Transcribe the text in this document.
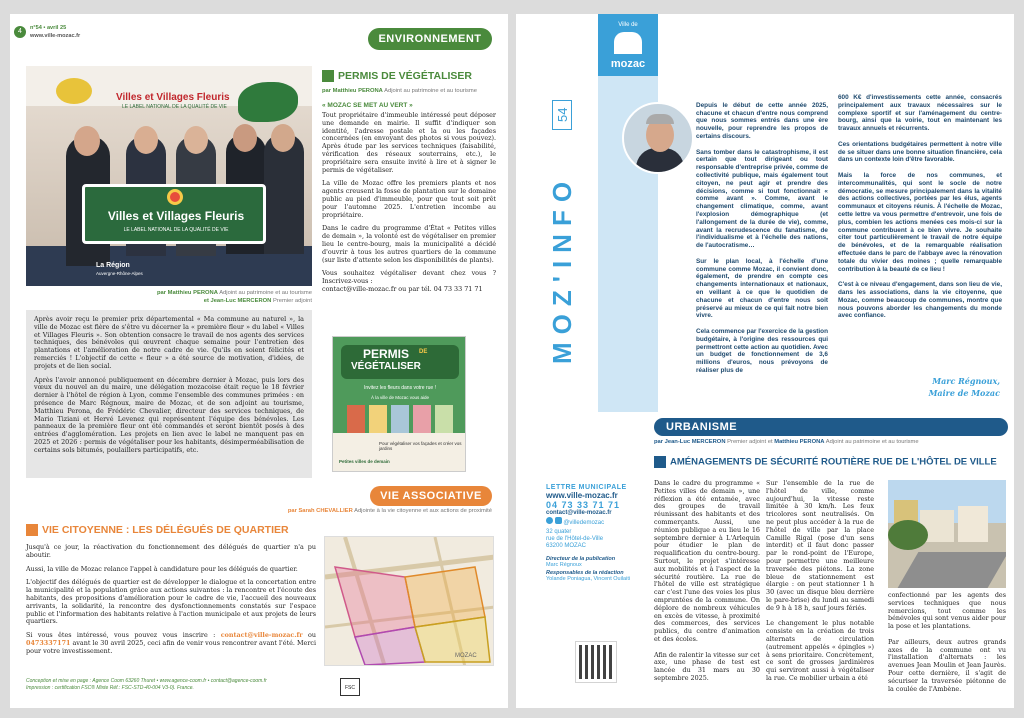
4	n°54 • avril 25
www.ville-mozac.fr	ENVIRONNEMENT
Villes et Villages Fleuris
LE LABEL NATIONAL DE LA QUALITÉ DE VIE
Villes et Villages Fleuris
LE LABEL NATIONAL DE LA QUALITÉ DE VIE
La Région
Auvergne-Rhône-Alpes
par Matthieu PERONA Adjoint au patrimoine et au tourisme
et Jean-Luc MERCERON Premier adjoint

Après avoir reçu le premier prix départemental « Ma commune au naturel », la ville de Mozac est fière de s'être vu décerner la « première fleur » du label « Villes et Villages Fleuris ». Son obtention consacre le travail de nos agents des services techniques, des bénévoles qui œuvrent chaque semaine pour l'entretien des plantations et l'amélioration de notre cadre de vie. Qu'ils en soient félicités et remerciés ! L'objectif de cette « fleur » a été source de motivation, d'idées, de projets et de lien social.

Après l'avoir annoncé publiquement en décembre dernier à Mozac, puis lors des vœux du nouvel an du maire, une délégation mozacoise était reçue le 18 février dernier à l'hôtel de région à Lyon, comme l'ensemble des communes primées : en présence de Marc Régnoux, maire de Mozac, et de son adjoint au tourisme, Matthieu Perona, de Frédéric Chevalier, directeur des services techniques, de Mario Tiziani et Hervé Levenez qui représentent l'équipe des bénévoles. Les panneaux de la première fleur ont été commandés et seront bientôt posés à des entrées d'agglomération. Les projets en lien avec le label ne manquent pas en 2025 et 2026 : permis de végétaliser pour les habitants, désimperméabilisation de certains sols bitumés, poulaillers participatifs, etc.

PERMIS DE VÉGÉTALISER
par Matthieu PERONA Adjoint au patrimoine et au tourisme
« MOZAC SE MET AU VERT »

Tout propriétaire d'immeuble intéressé peut déposer une demande en mairie. Il suffit d'indiquer son identité, l'adresse postale et la ou les façades concernées (en envoyant des photos si vous pouvez). Après étude par les services techniques (faisabilité, vérification des réseaux souterrains, etc.), le propriétaire sera ensuite invité à lire et à signer le permis de végétaliser.

La ville de Mozac offre les premiers plants et nos agents creusent la fosse de plantation sur le domaine public au pied d'immeuble, pour que tout soit prêt pour l'automne 2025. L'entretien incombe au propriétaire.

Dans le cadre du programme d'État « Petites villes de demain », la volonté est de végétaliser en premier lieu le centre-bourg, mais la municipalité a décidé d'ouvrir à tous les autres quartiers de la commune (sur liste d'attente selon les disponibilités de plants).

Vous souhaitez végétaliser devant chez vous ? Inscrivez-vous :

contact@ville-mozac.fr ou par tél. 04 73 33 71 71

PERMIS DE
VÉGÉTALISER
Invitez les fleurs dans votre rue !
À la ville de Mozac vous aide
Pour végétaliser vos façades et créer vos jardins
Petites villes de demain
VIE ASSOCIATIVE
par Sarah CHEVALLIER Adjointe à la vie citoyenne et aux actions de proximité
VIE CITOYENNE : LES DÉLÉGUÉS DE QUARTIER

Jusqu'à ce jour, la réactivation du fonctionnement des délégués de quartier n'a pu aboutir.

Aussi, la ville de Mozac relance l'appel à candidature pour les délégués de quartier.

L'objectif des délégués de quartier est de développer le dialogue et la concertation entre la municipalité et la population grâce aux actions suivantes : la rencontre et l'écoute des habitants, des propositions d'amélioration pour le cadre de vie, l'accueil des nouveaux arrivants, la solidarité, la rencontre des dysfonctionnements constatés sur l'espace public et l'information des habitants relative à l'action municipale et aux projets de leurs quartiers.

Si vous êtes intéressé, vous pouvez vous inscrire : contact@ville-mozac.fr ou 0473337171 avant le 30 avril 2025, ceci afin de venir vous rencontrer avant l'été. Merci pour votre investissement.

MOZAC
Conception et mise en page : Agence Coom 63260 Thuret • www.agence-coom.fr • contact@agence-coom.fr
Impression : certification FSC® Mixte Réf.: FSC-STD-40-004 V3-0). France.	FSC
Ville de
mozac
54
MOZ'INFO

Depuis le début de cette année 2025, chacune et chacun d'entre nous comprend que nous sommes entrés dans une ère nouvelle, pour reprendre les propos de certains discours.

Sans tomber dans le catastrophisme, il est certain que tout dirigeant ou tout responsable d'entreprise privée, comme de collectivité publique, mais également tout citoyen, ne peut agir et prendre des décisions, comme si tout fonctionnait « comme avant ». Comme, avant le changement climatique, comme, avant l'explosion démographique (et l'allongement de la durée de vie), comme, avant la recrudescence du fanatisme, de l'individualisme et à l'échelle des nations, de l'autocratisme…

Sur le plan local, à l'échelle d'une commune comme Mozac, il convient donc, également, de prendre en compte ces changements internationaux et nationaux, en veillant à ce que le quotidien de chacune et chacun d'entre nous soit préservé au mieux de ce qui fait notre bien vivre.

Cela commence par l'exercice de la gestion budgétaire, à l'origine des ressources qui permettront cette action au quotidien. Avec un budget de fonctionnement de 3,6 millions d'euros, nous prévoyons de réaliser plus de

600 K€ d'investissements cette année, consacrés principalement aux travaux nécessaires sur le complexe sportif et sur l'aménagement du centre-bourg, ainsi que la voirie, tout en maintenant les travaux annuels et récurrents.

Ces orientations budgétaires permettent à notre ville de se situer dans une bonne situation financière, cela dans un contexte loin d'être favorable.

Mais la force de nos communes, et intercommunalités, qui sont le socle de notre démocratie, se mesure principalement dans la vitalité des actions collectives, portées par les élus, agents communaux et citoyens réunis. À l'échelle de Mozac, cette lettre va vous permettre d'entrevoir, une fois de plus, combien les actions menées ces mois-ci sur la commune contribuent à ce bien vivre. Je souhaite citer tout particulièrement le travail de notre équipe de bénévoles, et de la remarquable réalisation effectuée dans le parc de l'abbaye avec la rénovation totale du vivier des moines ; quelle remarquable contribution à la beauté de ce lieu !

C'est à ce niveau d'engagement, dans son lieu de vie, dans les associations, dans la vie citoyenne, que Mozac, comme beaucoup de communes, montre que nous pouvons aborder les changements du monde avec confiance.
Marc Régnoux,
Maire de Mozac
URBANISME
par Jean-Luc MERCERON Premier adjoint et Matthieu PERONA Adjoint au patrimoine et au tourisme
AMÉNAGEMENTS DE SÉCURITÉ ROUTIÈRE RUE DE L'HÔTEL DE VILLE
LETTRE MUNICIPALE
www.ville-mozac.fr
04 73 33 71 71
contact@ville-mozac.fr
@villedemozac
32 quater
rue de l'Hôtel-de-Ville
63200 MOZAC
Directeur de la publication
Marc Régnoux
Responsables de la rédaction
Yolande Poniagua, Vincent Ouilaiti
Dans le cadre du programme « Petites villes de demain », une réflexion a été entamée, avec des groupes de travail réunissant des habitants et des commerçants. Aussi, une réunion publique a eu lieu le 16 septembre dernier à L'Arlequin pour étudier le plan de requalification du centre-bourg. Surtout, le projet s'intéresse aux mobilités et à l'aspect de la sécurité routière. La rue de l'hôtel de ville est stratégique car c'est l'une des voies les plus empruntées de la commune. On déplore de nombreux véhicules en excès de vitesse, à proximité des commerces, des services publics, du centre d'animation et des écoles.

Afin de ralentir la vitesse sur cet axe, une phase de test est lancée du 31 mars au 30 septembre 2025.
Sur l'ensemble de la rue de l'hôtel de ville, comme aujourd'hui, la vitesse reste limitée à 30 km/h. Les feux tricolores sont neutralisés. On ne peut plus accéder à la rue de l'hôtel de ville par la place Camille Rigal (pose d'un sens interdit) et il faut donc passer par le rond-point de l'Europe, pour permettre une meilleure traversée des piétons. La zone bleue de stationnement est élargie : on peut stationner 1 h 30 (avec un disque bleu derrière le pare-brise) du lundi au samedi de 9 h à 18 h, sauf jours fériés.

Le changement le plus notable consiste en la création de trois alternats de circulation (autrement appelés « épingles ») à sens prioritaire. Concrètement, ce sont de grosses jardinières qui serviront aussi à végétaliser la rue. Ce mobilier urbain a été
confectionné par les agents des services techniques que nous remercions, tout comme les bénévoles qui sont venus aider pour la pose et les plantations.

Par ailleurs, deux autres grands axes de la commune ont vu l'installation d'alternats : les avenues Jean Moulin et Jean Jaurès. Pour cette dernière, il s'agit de sécuriser la traversée piétonne de la coulée de l'Ambène.
